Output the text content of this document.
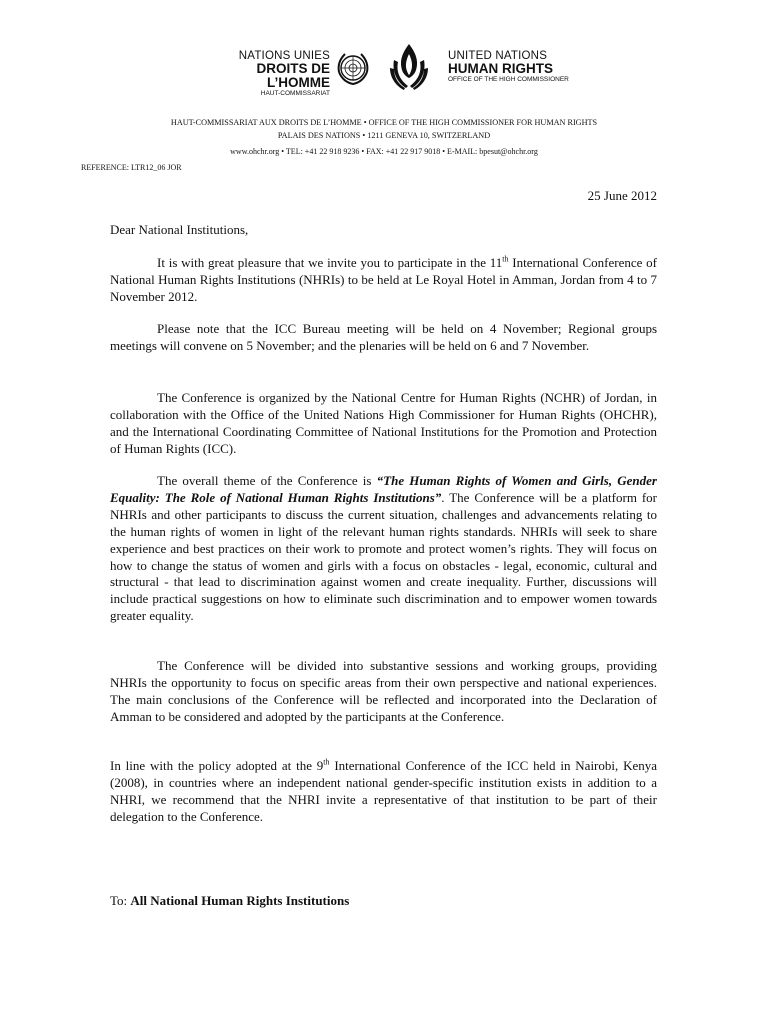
NATIONS UNIES
DROITS DE L’HOMME
HAUT-COMMISSARIAT
UNITED NATIONS
HUMAN RIGHTS
OFFICE OF THE HIGH COMMISSIONER
HAUT-COMMISSARIAT AUX DROITS DE L’HOMME • OFFICE OF THE HIGH COMMISSIONER FOR HUMAN RIGHTS
PALAIS DES NATIONS • 1211 GENEVA 10, SWITZERLAND
www.ohchr.org • TEL: +41 22 918 9236 • FAX: +41 22 917 9018 • E-MAIL: bpesut@ohchr.org
REFERENCE: LTR12_06 JOR
25 June 2012
Dear National Institutions,
It is with great pleasure that we invite you to participate in the 11th International Conference of National Human Rights Institutions (NHRIs) to be held at Le Royal Hotel in Amman, Jordan from 4 to 7 November 2012.
Please note that the ICC Bureau meeting will be held on 4 November; Regional groups meetings will convene on 5 November; and the plenaries will be held on 6 and 7 November.
The Conference is organized by the National Centre for Human Rights (NCHR) of Jordan, in collaboration with the Office of the United Nations High Commissioner for Human Rights (OHCHR), and the International Coordinating Committee of National Institutions for the Promotion and Protection of Human Rights (ICC).
The overall theme of the Conference is “The Human Rights of Women and Girls, Gender Equality: The Role of National Human Rights Institutions”. The Conference will be a platform for NHRIs and other participants to discuss the current situation, challenges and advancements relating to the human rights of women in light of the relevant human rights standards. NHRIs will seek to share experience and best practices on their work to promote and protect women’s rights. They will focus on how to change the status of women and girls with a focus on obstacles - legal, economic, cultural and structural - that lead to discrimination against women and create inequality. Further, discussions will include practical suggestions on how to eliminate such discrimination and to empower women towards greater equality.
The Conference will be divided into substantive sessions and working groups, providing NHRIs the opportunity to focus on specific areas from their own perspective and national experiences. The main conclusions of the Conference will be reflected and incorporated into the Declaration of Amman to be considered and adopted by the participants at the Conference.
In line with the policy adopted at the 9th International Conference of the ICC held in Nairobi, Kenya (2008), in countries where an independent national gender-specific institution exists in addition to a NHRI, we recommend that the NHRI invite a representative of that institution to be part of their delegation to the Conference.
To: All National Human Rights Institutions
